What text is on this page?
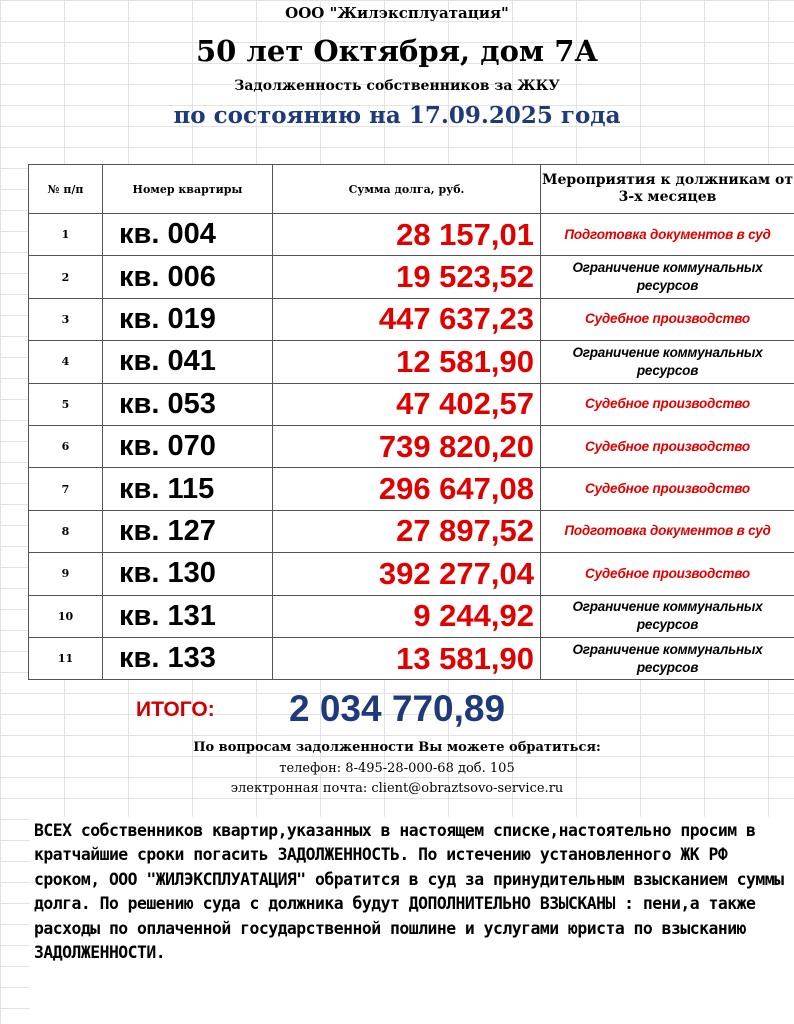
ООО "Жилэксплуатация"
50 лет Октября, дом 7А
Задолженность собственников за ЖКУ
по состоянию на 17.09.2025 года
№ п/п	Номер квартиры	Сумма долга, руб.	Мероприятия к должникам от 3-х месяцев

1	кв. 004	28 157,01	Подготовка документов в суд
2	кв. 006	19 523,52	Ограничение коммунальных ресурсов
3	кв. 019	447 637,23	Судебное производство
4	кв. 041	12 581,90	Ограничение коммунальных ресурсов
5	кв. 053	47 402,57	Судебное производство
6	кв. 070	739 820,20	Судебное производство
7	кв. 115	296 647,08	Судебное производство
8	кв. 127	27 897,52	Подготовка документов в суд
9	кв. 130	392 277,04	Судебное производство
10	кв. 131	9 244,92	Ограничение коммунальных ресурсов
11	кв. 133	13 581,90	Ограничение коммунальных ресурсов
ИТОГО: 2 034 770,89
По вопросам задолженности Вы можете обратиться:
телефон: 8-495-28-000-68 доб. 105
электронная почта: client@obraztsovo-service.ru
ВСЕХ собственников квартир,указанных в настоящем списке,настоятельно просим в кратчайшие сроки погасить ЗАДОЛЖЕННОСТЬ. По истечению установленного ЖК РФ сроком, ООО "ЖИЛЭКСПЛУАТАЦИЯ" обратится в суд за принудительным взысканием суммы долга. По решению суда с должника будут ДОПОЛНИТЕЛЬНО ВЗЫСКАНЫ : пени,а также расходы по оплаченной государственной пошлине и услугами юриста по взысканию ЗАДОЛЖЕННОСТИ.
